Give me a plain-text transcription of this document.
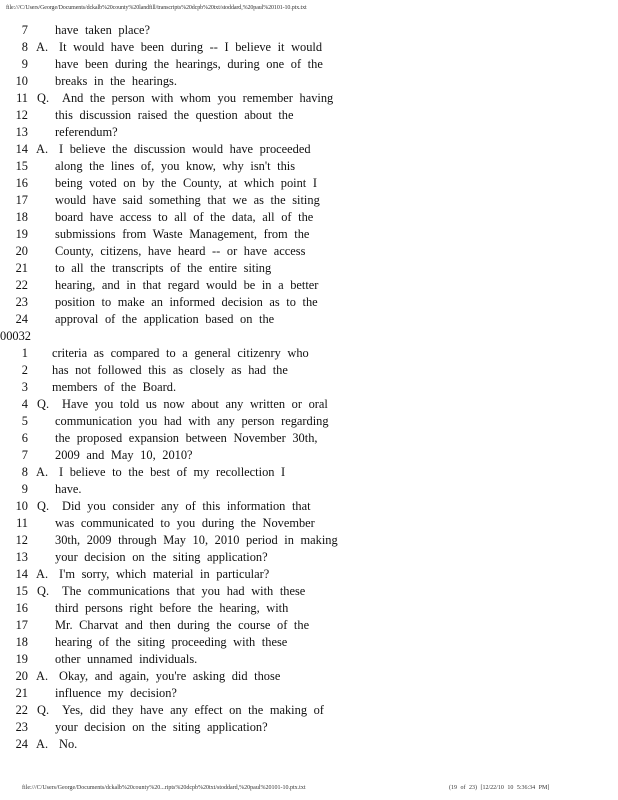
file:///C/Users/George/Documents/dckalb%20county%20landfill/transcripts%20dcpb%20txt/stoddard,%20paul%20101-10.ptx.txt
7 have taken place?
8 A. It would have been during -- I believe it would
9 have been during the hearings, during one of the
10 breaks in the hearings.
11 Q. And the person with whom you remember having
12 this discussion raised the question about the
13 referendum?
14 A. I believe the discussion would have proceeded
15 along the lines of, you know, why isn't this
16 being voted on by the County, at which point I
17 would have said something that we as the siting
18 board have access to all of the data, all of the
19 submissions from Waste Management, from the
20 County, citizens, have heard -- or have access
21 to all the transcripts of the entire siting
22 hearing, and in that regard would be in a better
23 position to make an informed decision as to the
24 approval of the application based on the
00032
1 criteria as compared to a general citizenry who
2 has not followed this as closely as had the
3 members of the Board.
4 Q. Have you told us now about any written or oral
5 communication you had with any person regarding
6 the proposed expansion between November 30th,
7 2009 and May 10, 2010?
8 A. I believe to the best of my recollection I
9 have.
10 Q. Did you consider any of this information that
11 was communicated to you during the November
12 30th, 2009 through May 10, 2010 period in making
13 your decision on the siting application?
14 A. I'm sorry, which material in particular?
15 Q. The communications that you had with these
16 third persons right before the hearing, with
17 Mr. Charvat and then during the course of the
18 hearing of the siting proceeding with these
19 other unnamed individuals.
20 A. Okay, and again, you're asking did those
21 influence my decision?
22 Q. Yes, did they have any effect on the making of
23 your decision on the siting application?
24 A. No.
file:///C/Users/George/Documents/dckalb%20county%20...ripts%20dcpb%20txt/stoddard,%20paul%20101-10.ptx.txt	(19 of 23) [12/22/10 10 5:36:34 PM]
